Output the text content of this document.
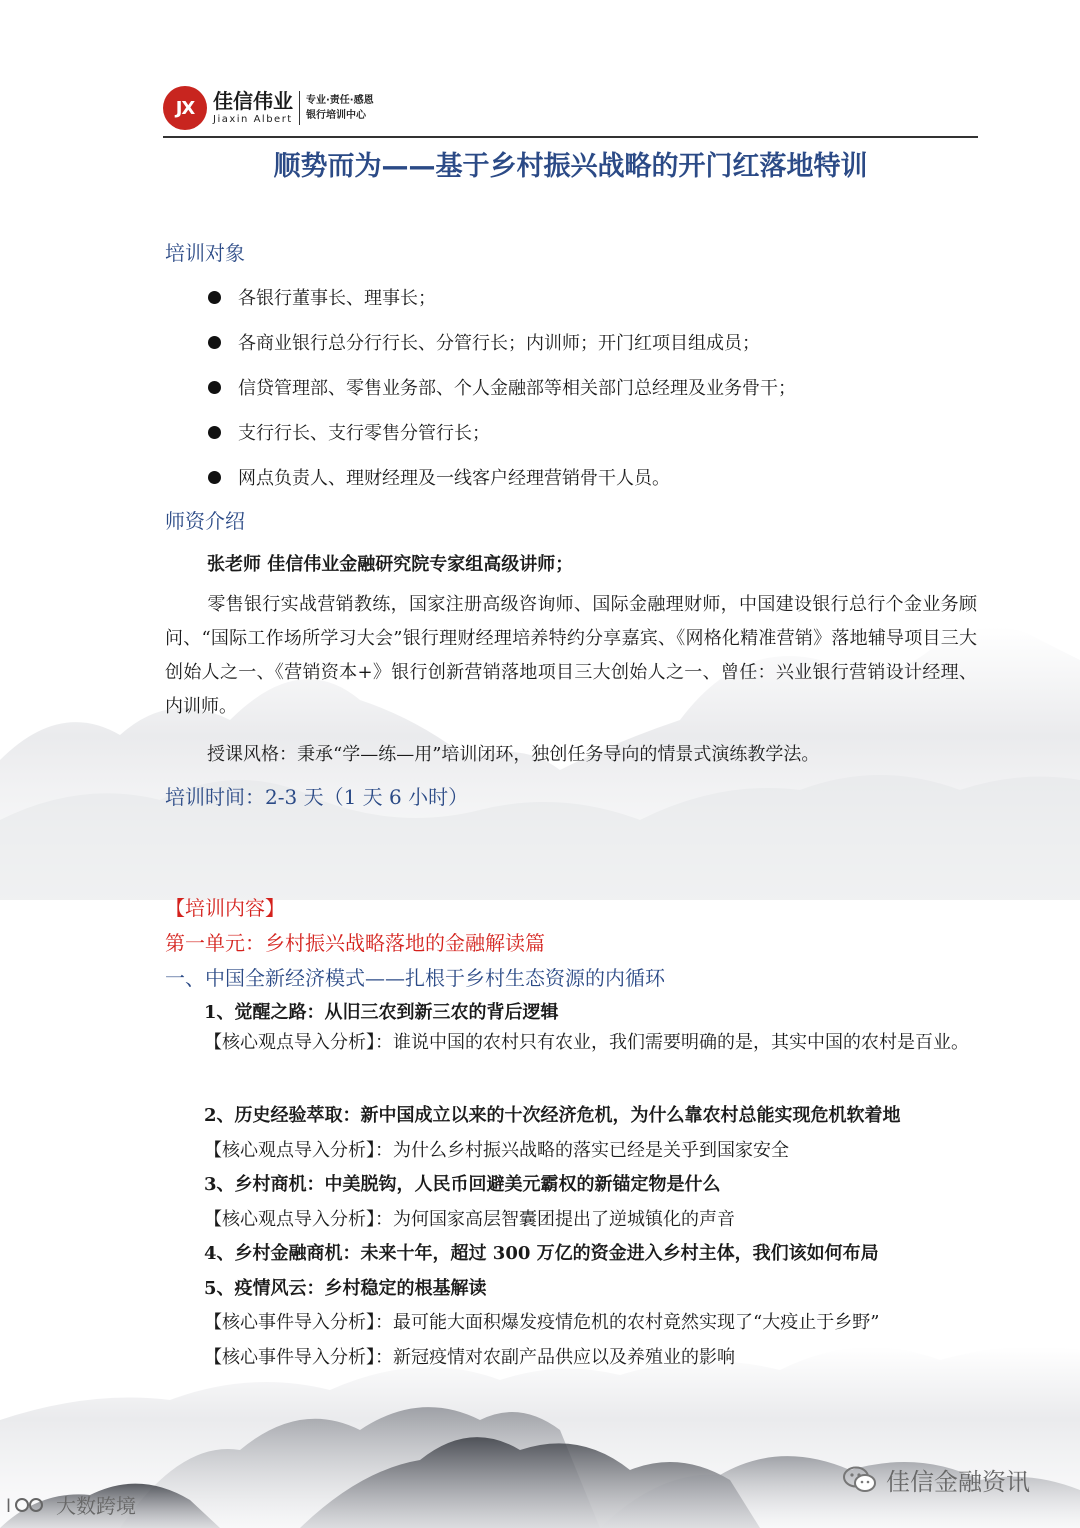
JX 佳信伟业
Jiaxin Albert
专业·责任·感恩
银行培训中心
顺势而为——基于乡村振兴战略的开门红落地特训
培训对象
各银行董事长、理事长；
各商业银行总分行行长、分管行长；内训师；开门红项目组成员；
信贷管理部、零售业务部、个人金融部等相关部门总经理及业务骨干；
支行行长、支行零售分管行长；
网点负责人、理财经理及一线客户经理营销骨干人员。
师资介绍
张老师 佳信伟业金融研究院专家组高级讲师；
零售银行实战营销教练，国家注册高级咨询师、国际金融理财师，中国建设银行总行个金业务顾问、“国际工作场所学习大会”银行理财经理培养特约分享嘉宾、《网格化精准营销》落地辅导项目三大创始人之一、《营销资本+》银行创新营销落地项目三大创始人之一、曾任：兴业银行营销设计经理、内训师。
授课风格：秉承“学—练—用”培训闭环，独创任务导向的情景式演练教学法。
培训时间：2-3 天（1 天 6 小时）
【培训内容】
第一单元：乡村振兴战略落地的金融解读篇
一、中国全新经济模式——扎根于乡村生态资源的内循环
1、觉醒之路：从旧三农到新三农的背后逻辑
【核心观点导入分析】：谁说中国的农村只有农业，我们需要明确的是，其实中国的农村是百业。
2、历史经验萃取：新中国成立以来的十次经济危机，为什么靠农村总能实现危机软着地
【核心观点导入分析】：为什么乡村振兴战略的落实已经是关乎到国家安全
3、乡村商机：中美脱钩，人民币回避美元霸权的新锚定物是什么
【核心观点导入分析】：为何国家高层智囊团提出了逆城镇化的声音
4、乡村金融商机：未来十年，超过 300 万亿的资金进入乡村主体，我们该如何布局
5、疫情风云：乡村稳定的根基解读
【核心事件导入分析】：最可能大面积爆发疫情危机的农村竟然实现了“大疫止于乡野”
【核心事件导入分析】：新冠疫情对农副产品供应以及养殖业的影响
l 大数跨境
佳信金融资讯
